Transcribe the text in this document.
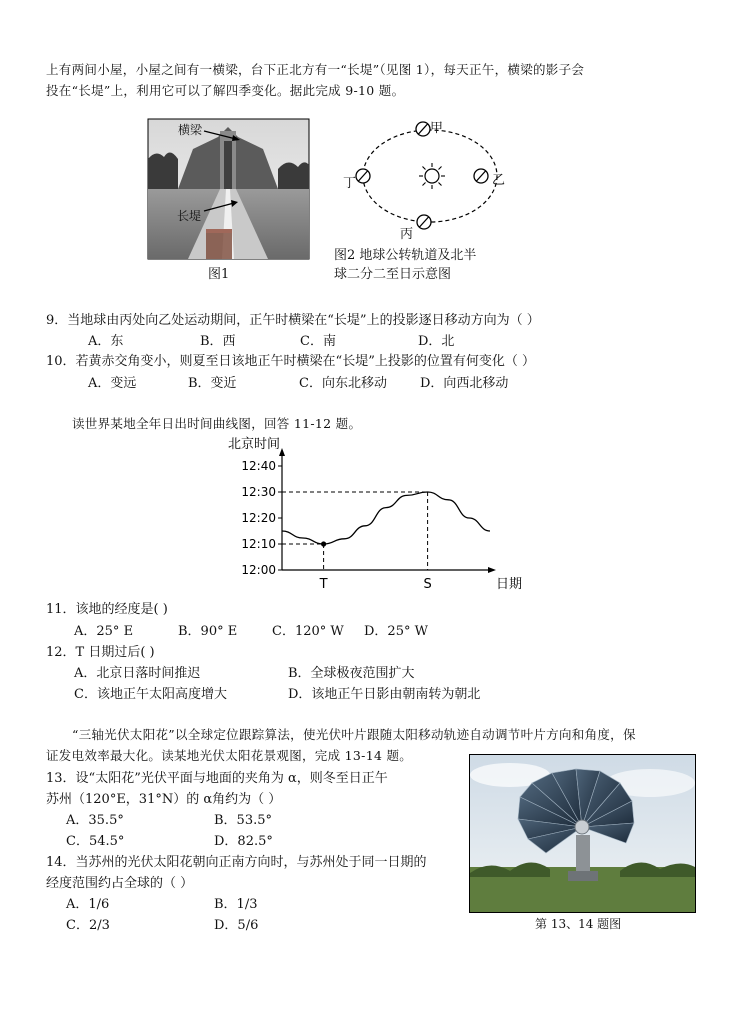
上有两间小屋，小屋之间有一横梁，台下正北方有一“长堤”（见图 1），每天正午，横梁的影子会
投在“长堤”上，利用它可以了解四季变化。据此完成 9-10 题。
横梁
长堤
图1
甲
乙
丙
丁
图2 地球公转轨道及北半
球二分二至日示意图
9．当地球由丙处向乙处运动期间，正午时横梁在“长堤”上的投影逐日移动方向为（ ）
A．东	B．西	C．南	D．北
10．若黄赤交角变小，则夏至日该地正午时横梁在“长堤”上投影的位置有何变化（ ）
A．变远	B．变近	C．向东北移动	D．向西北移动
读世界某地全年日出时间曲线图，回答 11-12 题。
北京时间
日期
12:00
12:10
12:20
12:30
12:40
T	S
11．该地的经度是( )
A．25° E	B．90° E	C．120° W D．25° W
12．T 日期过后( )
A．北京日落时间推迟	B．全球极夜范围扩大
C．该地正午太阳高度增大	D．该地正午日影由朝南转为朝北
“三轴光伏太阳花”以全球定位跟踪算法，使光伏叶片跟随太阳移动轨迹自动调节叶片方向和角度，保
证发电效率最大化。读某地光伏太阳花景观图，完成 13-14 题。
13．设“太阳花”光伏平面与地面的夹角为 α，则冬至日正午
苏州（120°E，31°N）的 α角约为（ ）
A．35.5°	B．53.5°
C．54.5°	D．82.5°
14．当苏州的光伏太阳花朝向正南方向时，与苏州处于同一日期的
经度范围约占全球的（ ）
A．1/6	B．1/3
C．2/3	D．5/6	第 13、14 题图
